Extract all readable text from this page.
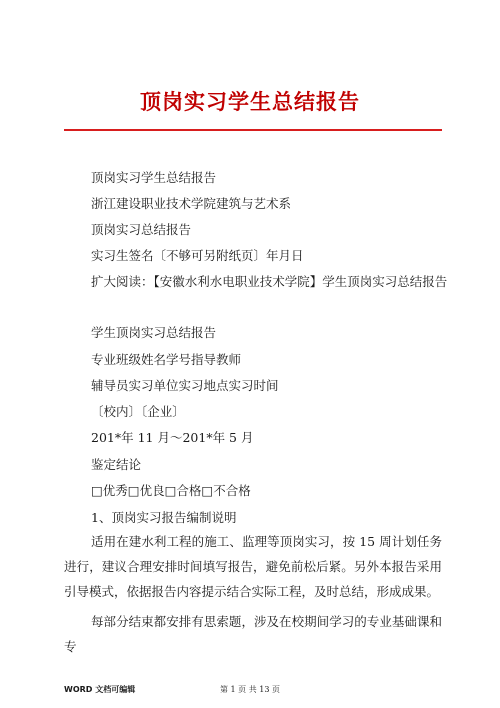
顶岗实习学生总结报告
顶岗实习学生总结报告
浙江建设职业技术学院建筑与艺术系
顶岗实习总结报告
实习生签名〔不够可另附纸页〕年月日
扩大阅读：【安徽水利水电职业技术学院】学生顶岗实习总结报告
学生顶岗实习总结报告
专业班级姓名学号指导教师
辅导员实习单位实习地点实习时间
〔校内〕〔企业〕
201*年 11 月～201*年 5 月
鉴定结论
□优秀□优良□合格□不合格
1、顶岗实习报告编制说明
适用在建水利工程的施工、监理等顶岗实习，按 15 周计划任务进行，建议合理安排时间填写报告，避免前松后紧。另外本报告采用引导模式，依据报告内容提示结合实际工程，及时总结，形成成果。
每部分结束都安排有思索题，涉及在校期间学习的专业基础课和专
WORD 文档可编辑	第 1 页 共 13 页
